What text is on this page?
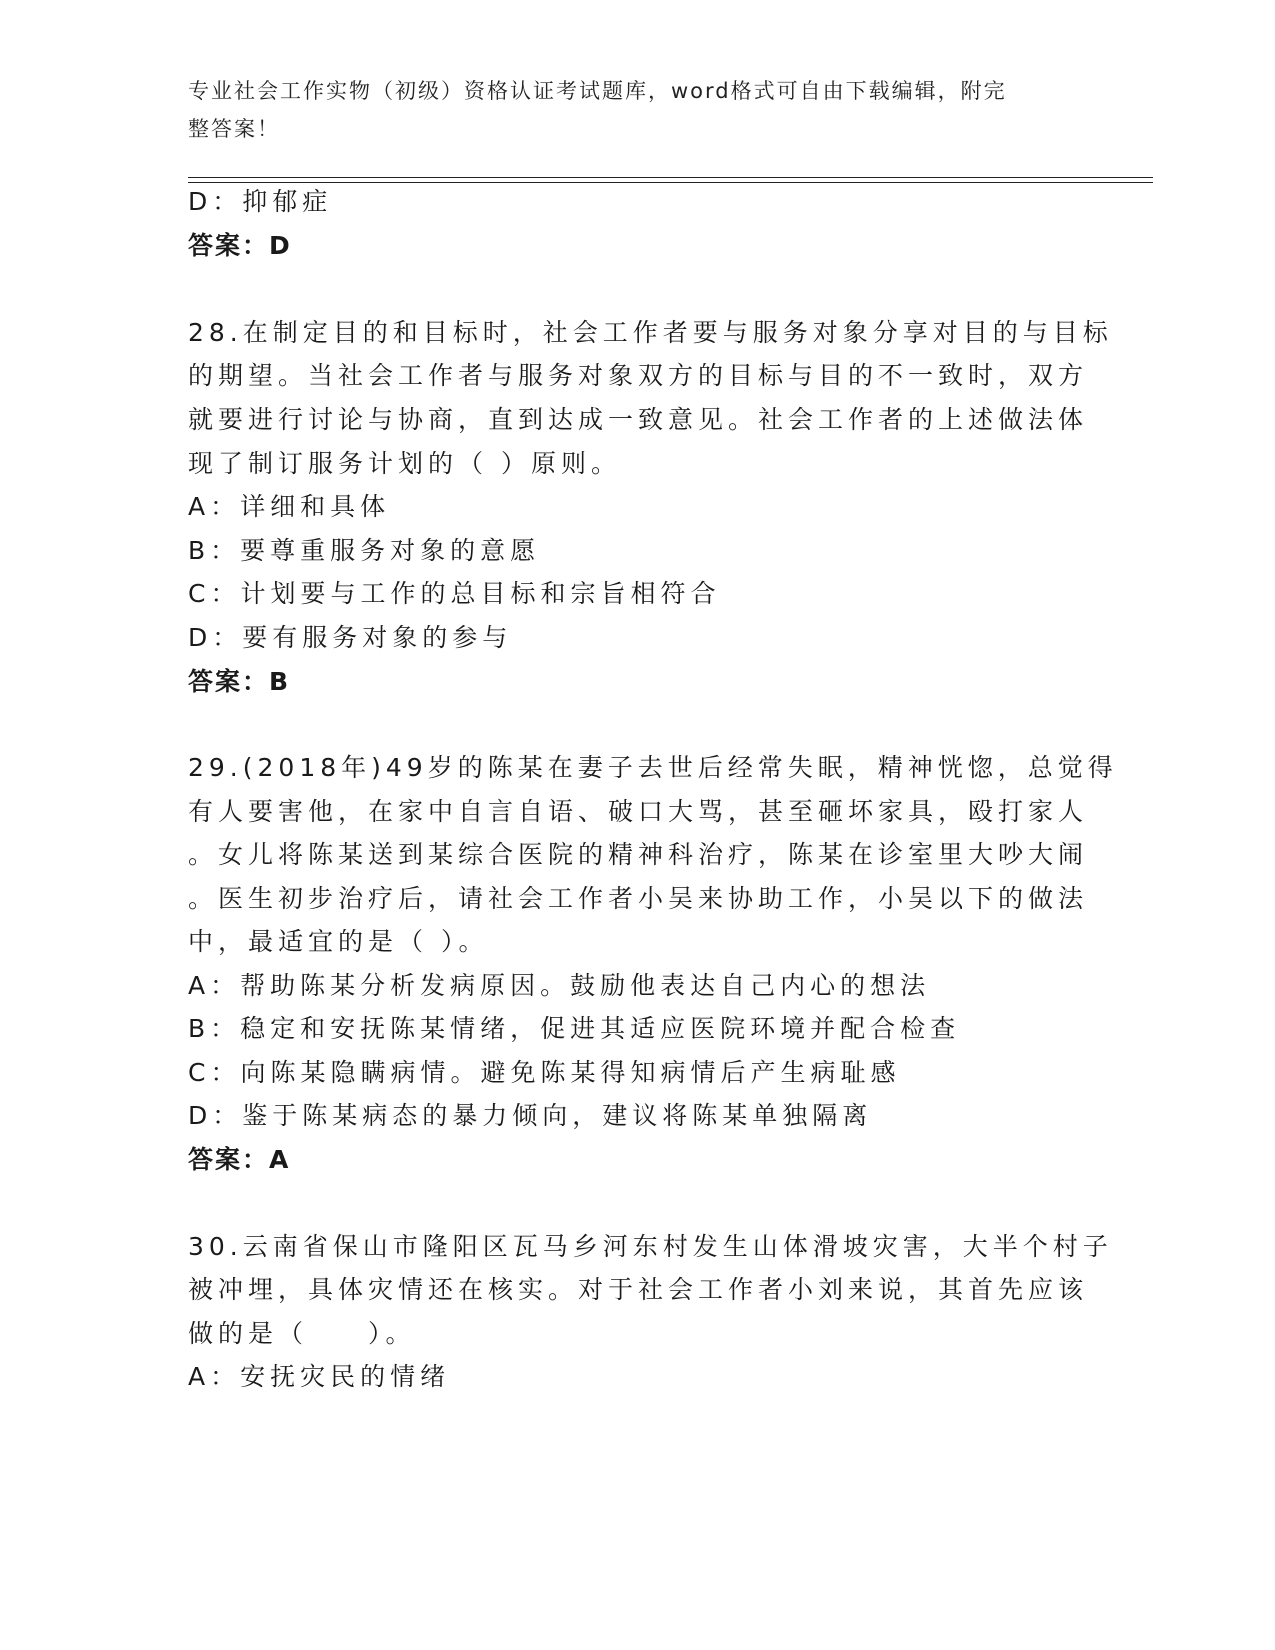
专业社会工作实物（初级）资格认证考试题库，word格式可自由下载编辑，附完
整答案！
D：抑郁症
答案：D
28.在制定目的和目标时，社会工作者要与服务对象分享对目的与目标
的期望。当社会工作者与服务对象双方的目标与目的不一致时，双方
就要进行讨论与协商，直到达成一致意见。社会工作者的上述做法体
现了制订服务计划的（ ）原则。
A：详细和具体
B：要尊重服务对象的意愿
C：计划要与工作的总目标和宗旨相符合
D：要有服务对象的参与
答案：B
29.(2018年)49岁的陈某在妻子去世后经常失眠，精神恍惚，总觉得
有人要害他，在家中自言自语、破口大骂，甚至砸坏家具，殴打家人
。女儿将陈某送到某综合医院的精神科治疗，陈某在诊室里大吵大闹
。医生初步治疗后，请社会工作者小吴来协助工作，小吴以下的做法
中，最适宜的是（ ）。
A：帮助陈某分析发病原因。鼓励他表达自己内心的想法
B：稳定和安抚陈某情绪，促进其适应医院环境并配合检查
C：向陈某隐瞒病情。避免陈某得知病情后产生病耻感
D：鉴于陈某病态的暴力倾向，建议将陈某单独隔离
答案：A
30.云南省保山市隆阳区瓦马乡河东村发生山体滑坡灾害，大半个村子
被冲埋，具体灾情还在核实。对于社会工作者小刘来说，其首先应该
做的是（　　）。
A：安抚灾民的情绪
